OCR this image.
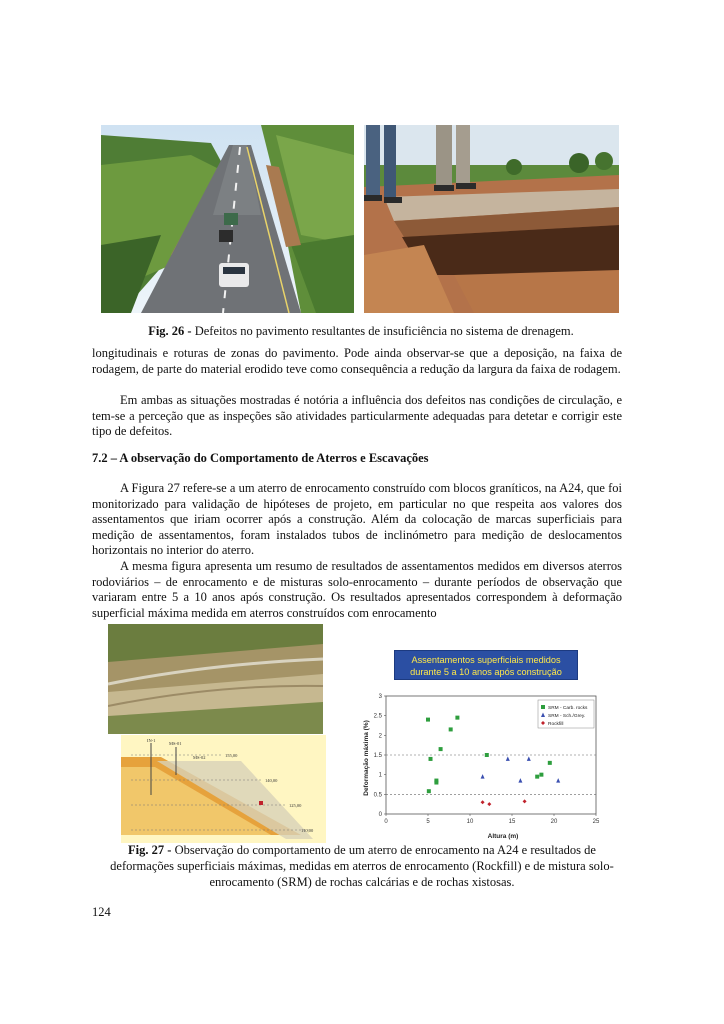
Fig. 26 - Defeitos no pavimento resultantes de insuficiência no sistema de drenagem.
longitudinais e roturas de zonas do pavimento. Pode ainda observar-se que a deposição, na faixa de rodagem, de parte do material erodido teve como consequência a redução da largura da faixa de rodagem.
Em ambas as situações mostradas é notória a influência dos defeitos nas condições de circulação, e tem-se a perceção que as inspeções são atividades particularmente adequadas para detetar e corrigir este tipo de defeitos.
7.2 – A observação do Comportamento de Aterros e Escavações
A Figura 27 refere-se a um aterro de enrocamento construído com blocos graníticos, na A24, que foi monitorizado para validação de hipóteses de projeto, em particular no que respeita aos valores dos assentamentos que iriam ocorrer após a construção. Além da colocação de marcas superficiais para medição de assentamentos, foram instalados tubos de inclinómetro para medição de deslocamentos horizontais no interior do aterro.
A mesma figura apresenta um resumo de resultados de assentamentos medidos em diversos aterros rodoviários – de enrocamento e de misturas solo-enrocamento – durante períodos de observação que variaram entre 5 a 10 anos após construção. Os resultados apresentados correspondem à deformação superficial máxima medida em aterros construídos com enrocamento
IN-1
MS-01
MS-02	155,00
140,00
125,00
110,00
Assentamentos superficiais medidos
durante 5 a 10 anos após construção
0	5	10	15	20	25
0
0.5
1
1.5
2
2.5
3
SRM - Carb. rocks
SRM - Sch./Grey.
Rockfill
Altura (m)
Deformação máxima (%)
Fig. 27 - Observação do comportamento de um aterro de enrocamento na A24 e resultados de deformações superficiais máximas, medidas em aterros de enrocamento (Rockfill) e de mistura solo-enrocamento (SRM) de rochas calcárias e de rochas xistosas.
124
